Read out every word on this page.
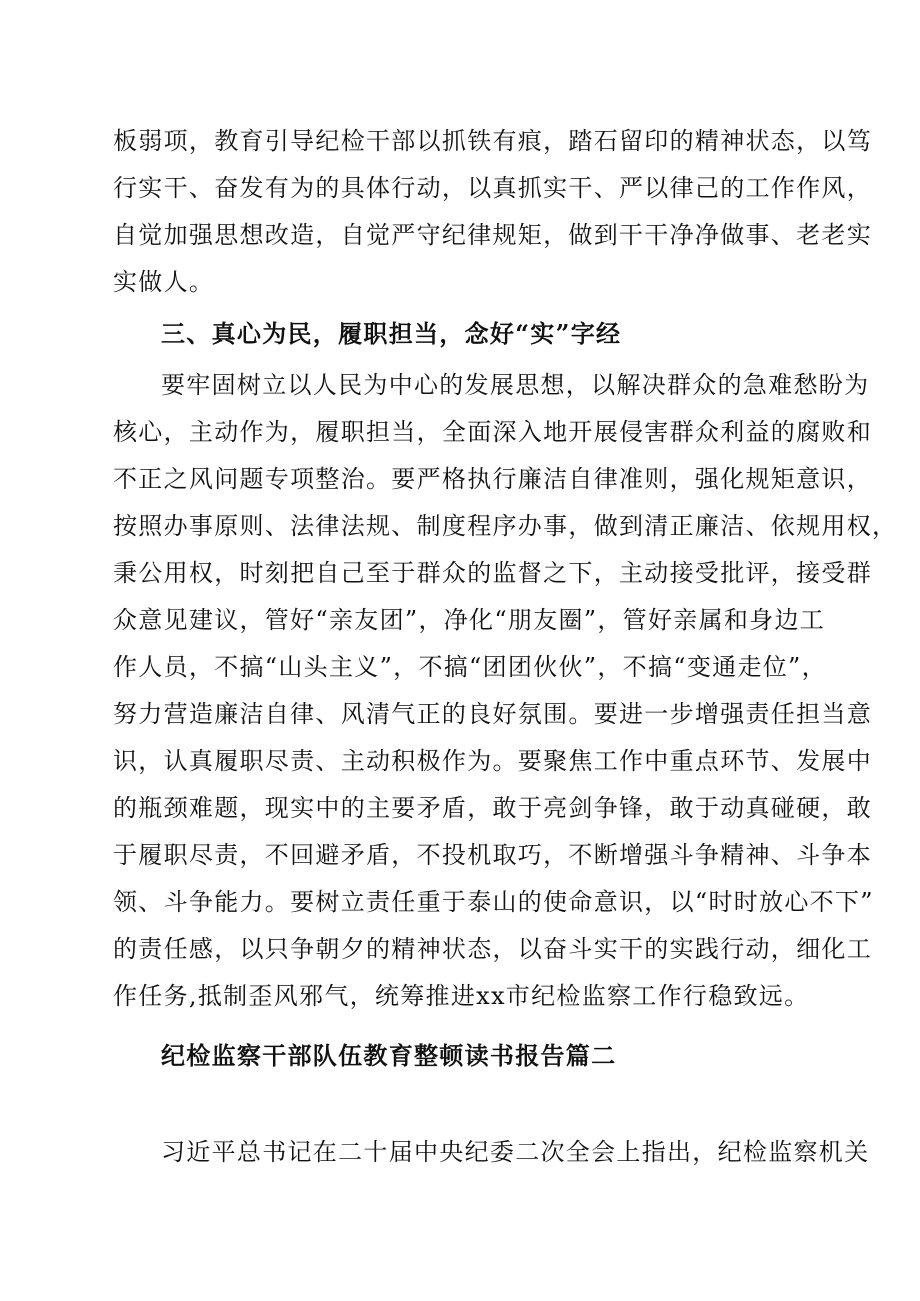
板弱项，教育引导纪检干部以抓铁有痕，踏石留印的精神状态，以笃
行实干、奋发有为的具体行动，以真抓实干、严以律己的工作作风，
自觉加强思想改造，自觉严守纪律规矩，做到干干净净做事、老老实
实做人。
三、真心为民，履职担当，念好“实”字经
要牢固树立以人民为中心的发展思想，以解决群众的急难愁盼为
核心，主动作为，履职担当，全面深入地开展侵害群众利益的腐败和
不正之风问题专项整治。要严格执行廉洁自律准则，强化规矩意识，
按照办事原则、法律法规、制度程序办事，做到清正廉洁、依规用权，
秉公用权，时刻把自己至于群众的监督之下，主动接受批评，接受群
众意见建议，管好“亲友团”，净化“朋友圈”，管好亲属和身边工
作人员，不搞“山头主义”，不搞“团团伙伙”，不搞“变通走位”，
努力营造廉洁自律、风清气正的良好氛围。要进一步增强责任担当意
识，认真履职尽责、主动积极作为。要聚焦工作中重点环节、发展中
的瓶颈难题，现实中的主要矛盾，敢于亮剑争锋，敢于动真碰硬，敢
于履职尽责，不回避矛盾，不投机取巧，不断增强斗争精神、斗争本
领、斗争能力。要树立责任重于泰山的使命意识，以“时时放心不下”
的责任感，以只争朝夕的精神状态，以奋斗实干的实践行动，细化工
作任务,抵制歪风邪气，统筹推进xx市纪检监察工作行稳致远。
纪检监察干部队伍教育整顿读书报告篇二
习近平总书记在二十届中央纪委二次全会上指出，纪检监察机关
